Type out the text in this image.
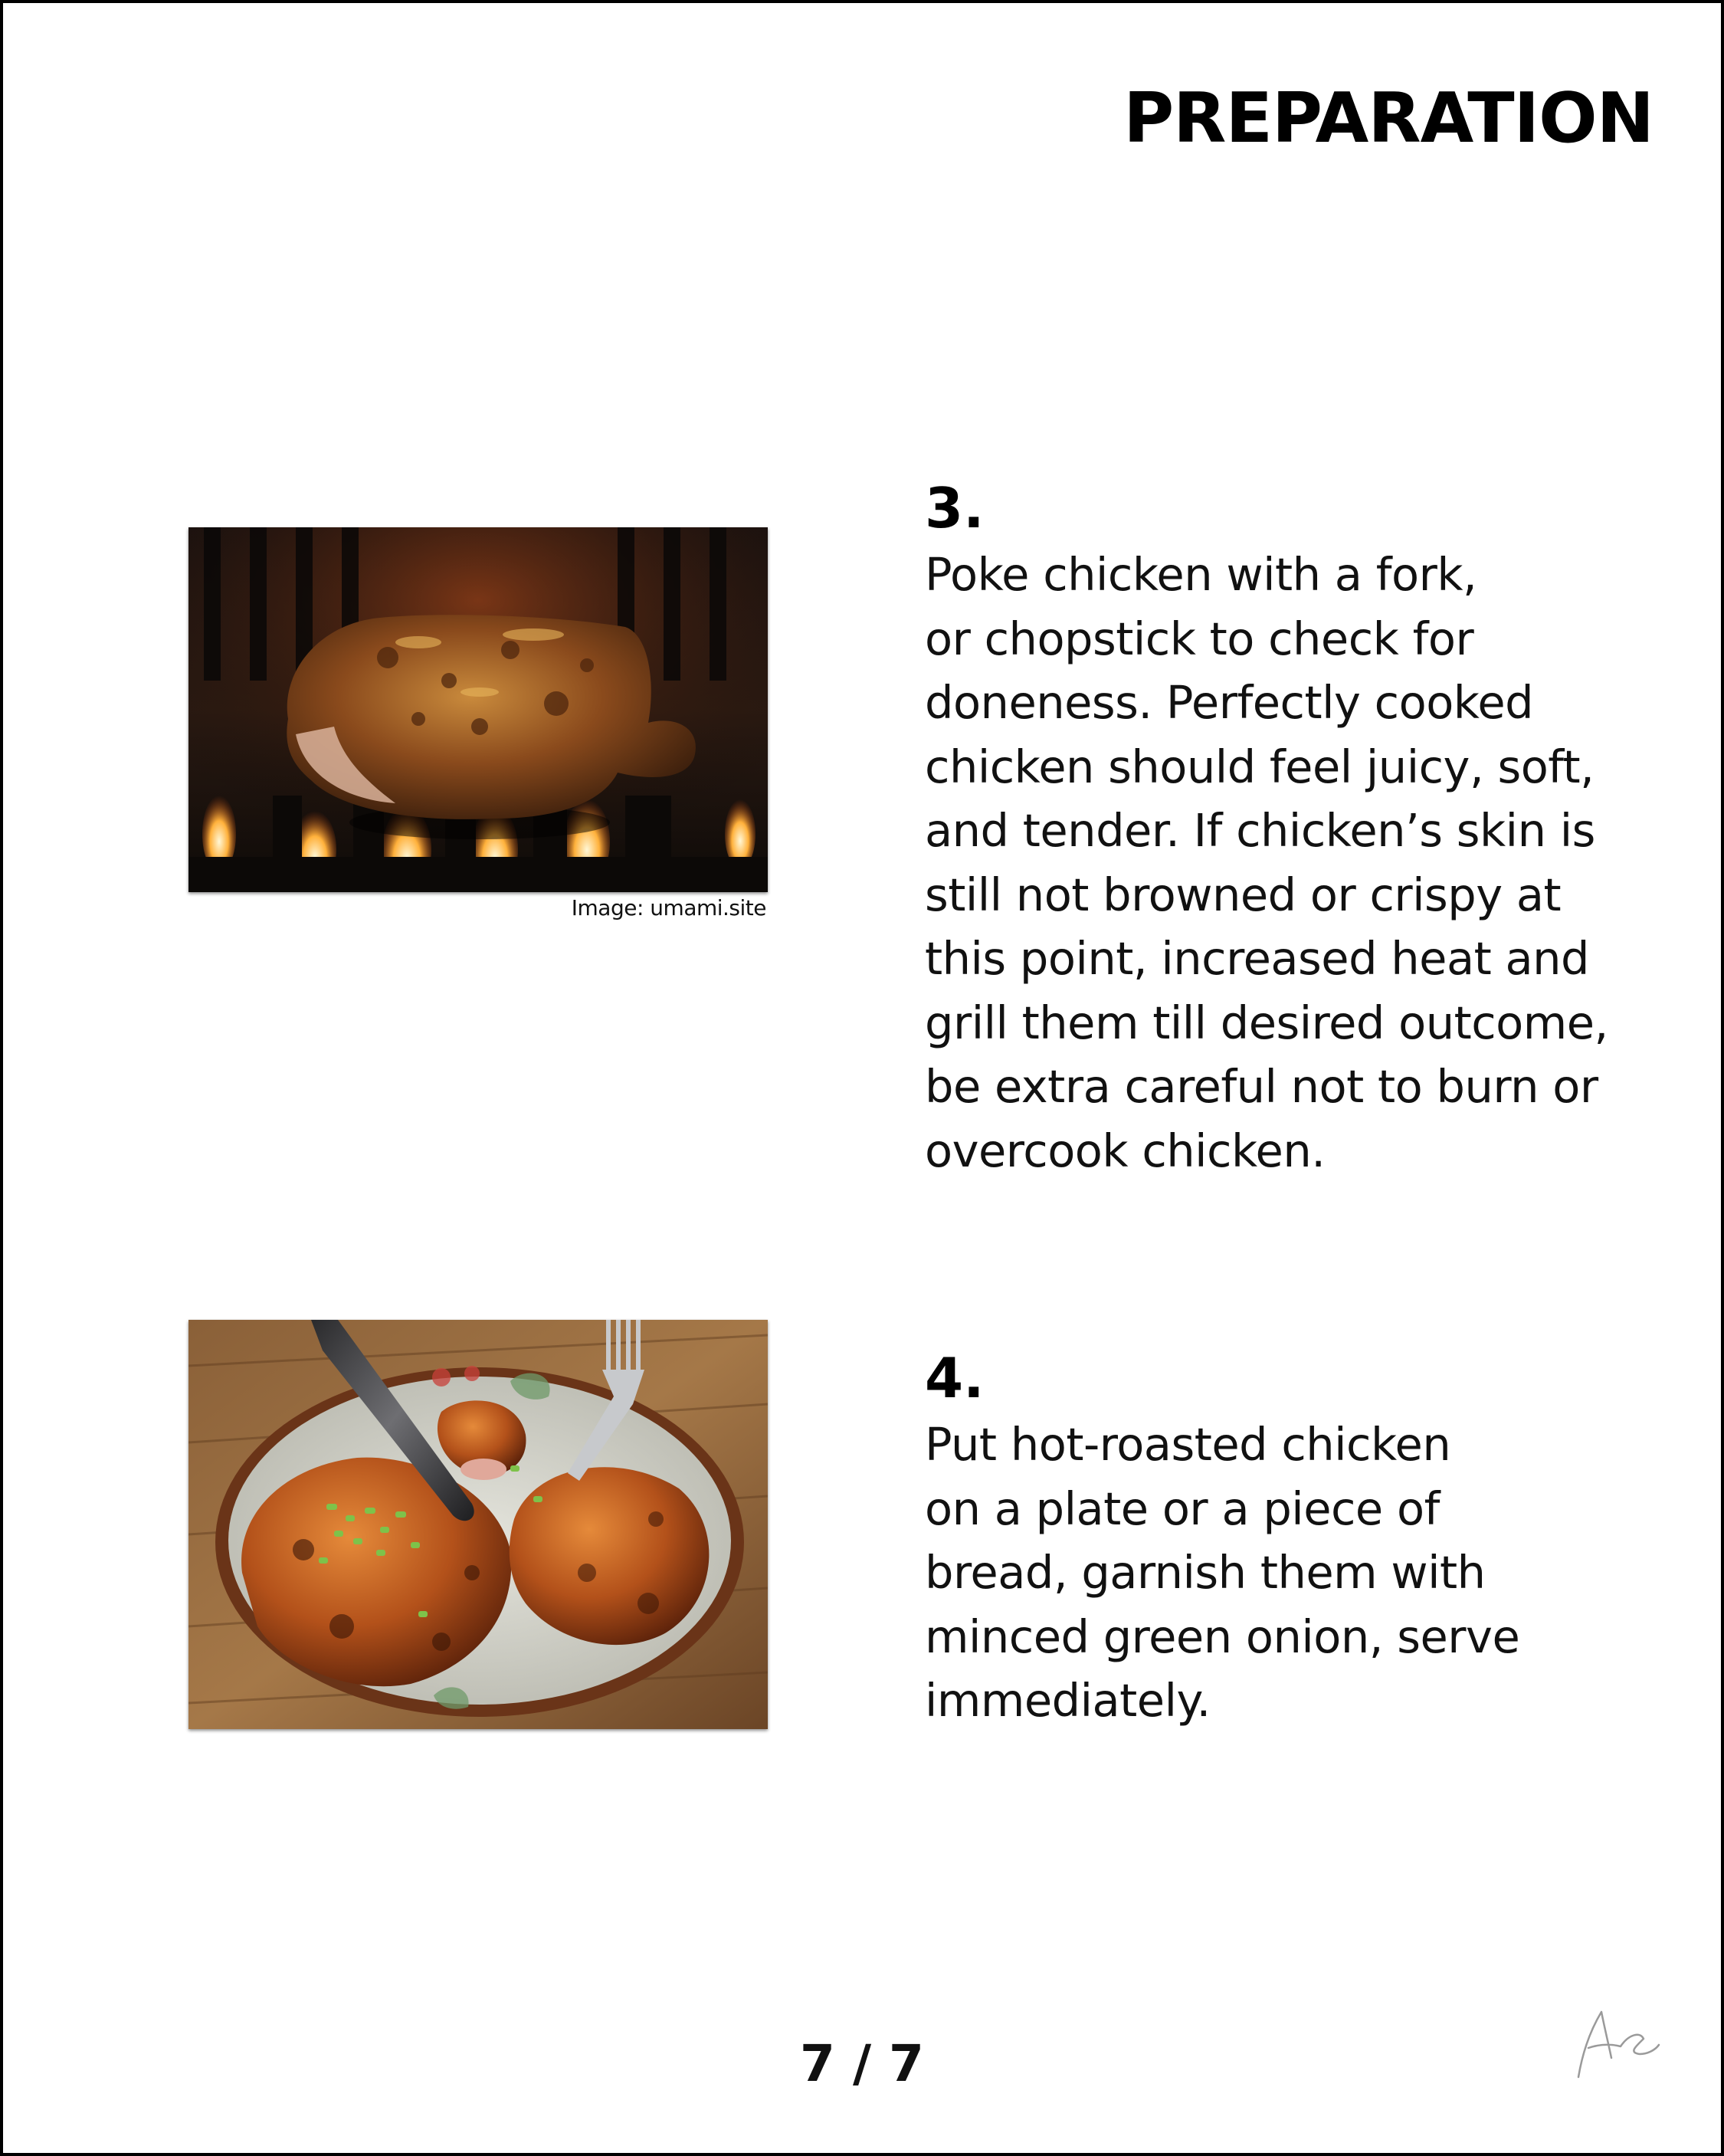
PREPARATION
Image: umami.site
3.
Poke chicken with a fork,
or chopstick to check for
doneness. Perfectly cooked
chicken should feel juicy, soft,
and tender. If chicken’s skin is
still not browned or crispy at
this point, increased heat and
grill them till desired outcome,
be extra careful not to burn or
overcook chicken.
4.
Put hot-roasted chicken
on a plate or a piece of
bread, garnish them with
minced green onion, serve
immediately.
7 / 7
